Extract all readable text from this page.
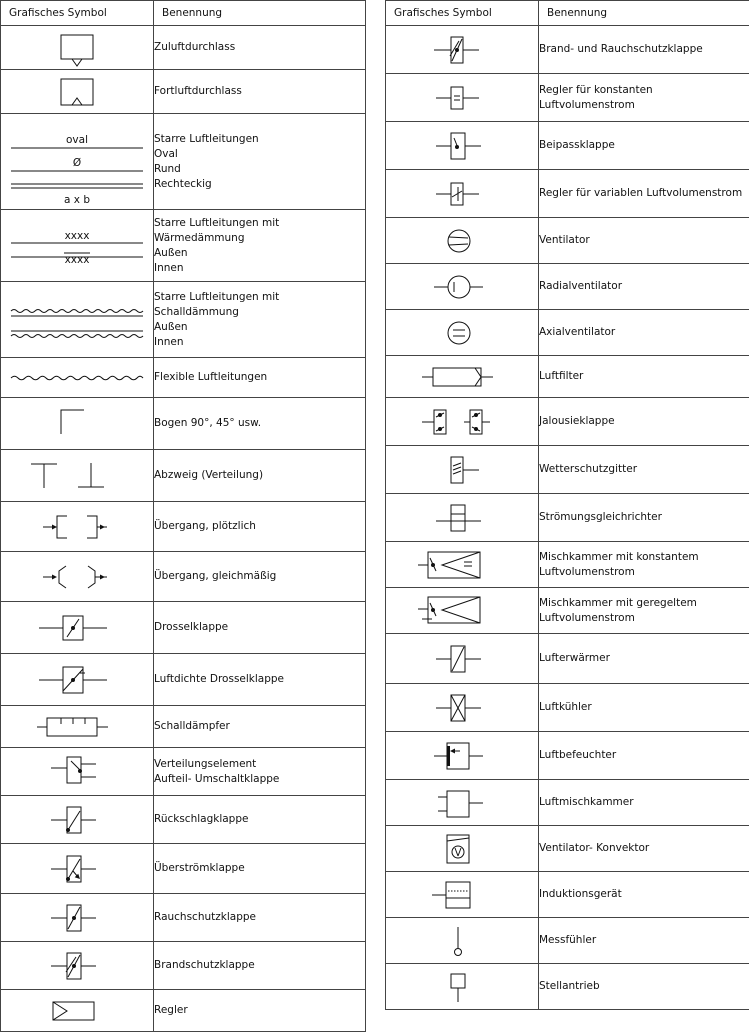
Grafisches Symbol	Benennung

Zuluftdurchlass

Fortluftdurchlass

oval
Ø
a x b	Starre Luftleitungen
Oval
Rund
Rechteckig

xxxx
xxxx	Starre Luftleitungen mit Wärmedämmung
Außen
Innen

Starre Luftleitungen mit Schalldämmung
Außen
Innen

Flexible Luftleitungen

Bogen 90°, 45° usw.

Abzweig (Verteilung)

Übergang, plötzlich

Übergang, gleichmäßig

Drosselklappe

Luftdichte Drosselklappe

Schalldämpfer

Verteilungselement
Aufteil- Umschaltklappe

Rückschlagklappe

Überströmklappe

Rauchschutzklappe

Brandschutzklappe

Regler
Grafisches Symbol	Benennung

Brand- und Rauchschutzklappe

Regler für konstanten Luftvolumenstrom

Beipassklappe

Regler für variablen Luftvolumenstrom

Ventilator

Radialventilator

Axialventilator

Luftfilter

Jalousieklappe

Wetterschutzgitter

Strömungsgleichrichter

Mischkammer mit konstantem
Luftvolumenstrom

Mischkammer mit geregeltem
Luftvolumenstrom

Lufterwärmer

Luftkühler

Luftbefeuchter

Luftmischkammer

Ventilator- Konvektor

Induktionsgerät

Messfühler

Stellantrieb
